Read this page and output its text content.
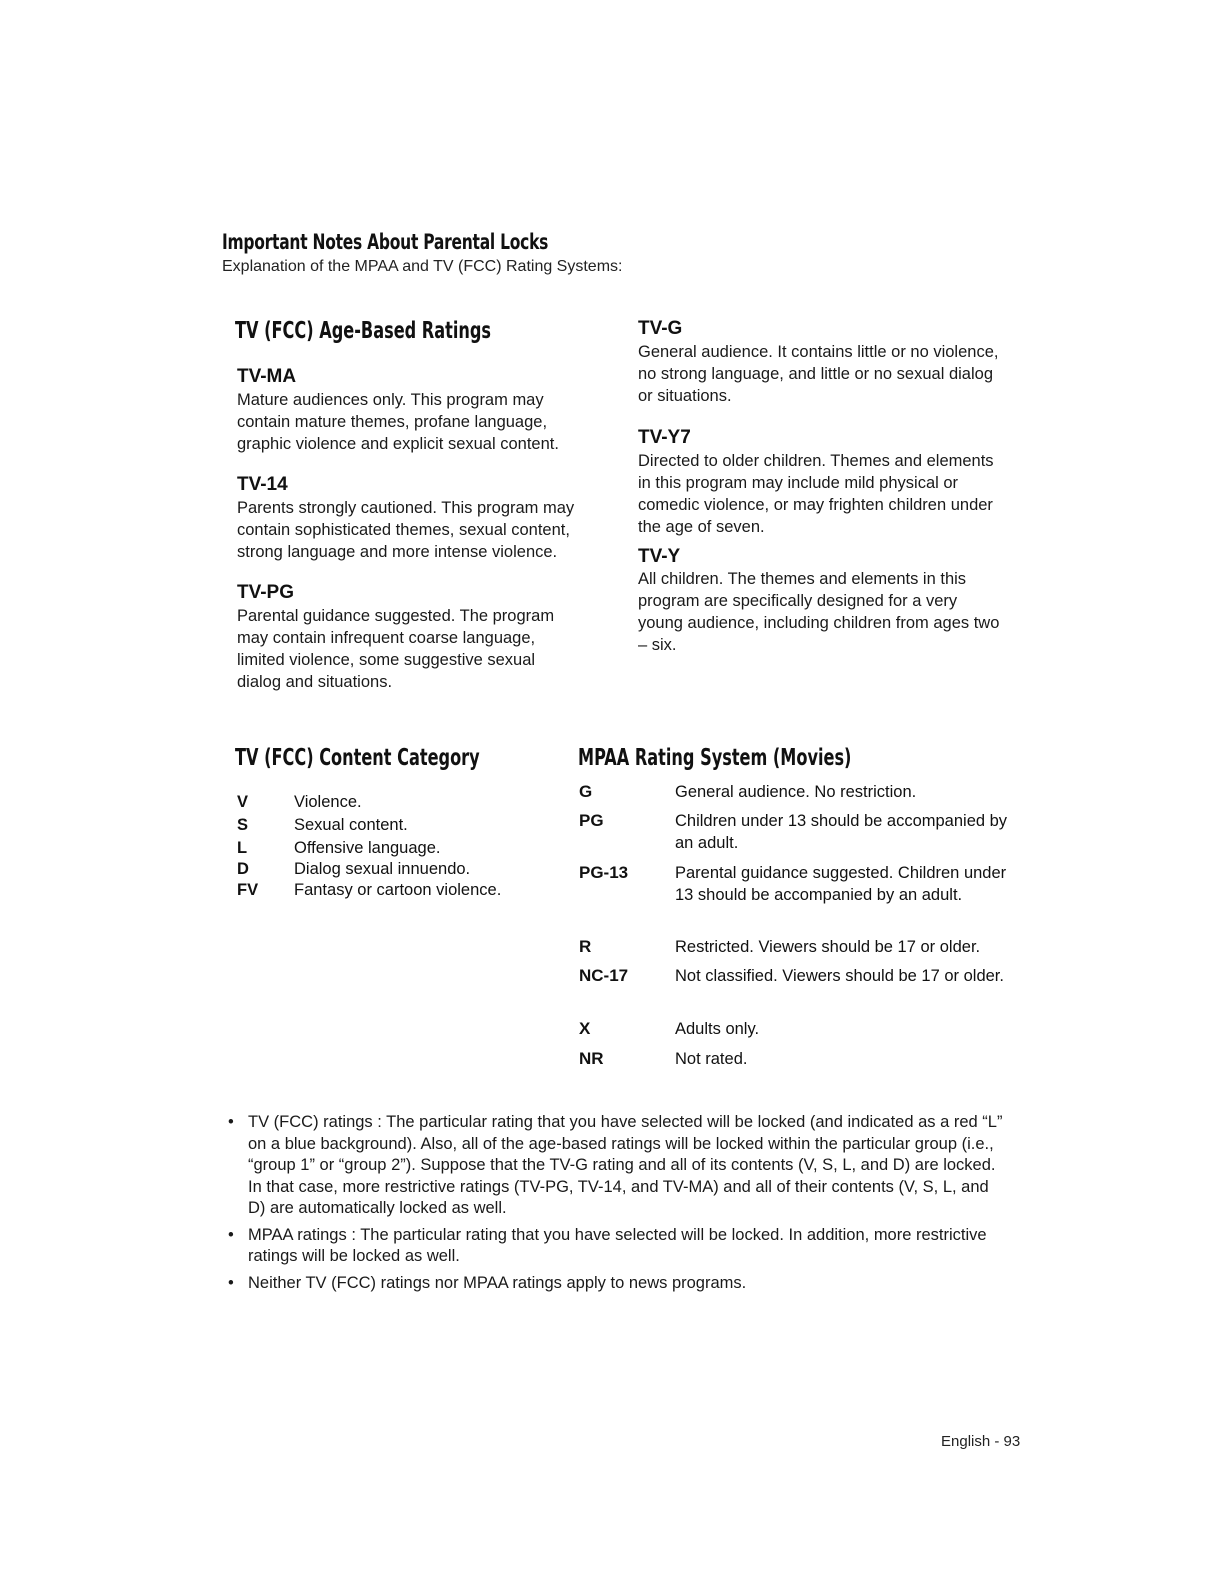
Important Notes About Parental Locks
Explanation of the MPAA and TV (FCC) Rating Systems:
TV (FCC) Age-Based Ratings
TV-MA
Mature audiences only. This program may contain mature themes, profane language, graphic violence and explicit sexual content.
TV-14
Parents strongly cautioned. This program may contain sophisticated themes, sexual content, strong language and more intense violence.
TV-PG
Parental guidance suggested. The program may contain infrequent coarse language, limited violence, some suggestive sexual dialog and situations.
TV-G
General audience. It contains little or no violence, no strong language, and little or no sexual dialog or situations.
TV-Y7
Directed to older children. Themes and elements in this program may include mild physical or comedic violence, or may frighten children under the age of seven.
TV-Y
All children. The themes and elements in this program are specifically designed for a very young audience, including children from ages two – six.
TV (FCC) Content Category
V	Violence.
S	Sexual content.
L	Offensive language.
D	Dialog sexual innuendo.
FV	Fantasy or cartoon violence.
MPAA Rating System (Movies)
G	General audience. No restriction.
PG	Children under 13 should be accompanied by an adult.
PG-13	Parental guidance suggested. Children under 13 should be accompanied by an adult.
R	Restricted. Viewers should be 17 or older.
NC-17	Not classified. Viewers should be 17 or older.
X	Adults only.
NR	Not rated.
• TV (FCC) ratings : The particular rating that you have selected will be locked (and indicated as a red “L” on a blue background). Also, all of the age-based ratings will be locked within the particular group (i.e., “group 1” or “group 2”). Suppose that the TV-G rating and all of its contents (V, S, L, and D) are locked. In that case, more restrictive ratings (TV-PG, TV-14, and TV-MA) and all of their contents (V, S, L, and D) are automatically locked as well.
• MPAA ratings : The particular rating that you have selected will be locked. In addition, more restrictive ratings will be locked as well.
• Neither TV (FCC) ratings nor MPAA ratings apply to news programs.
English - 93
